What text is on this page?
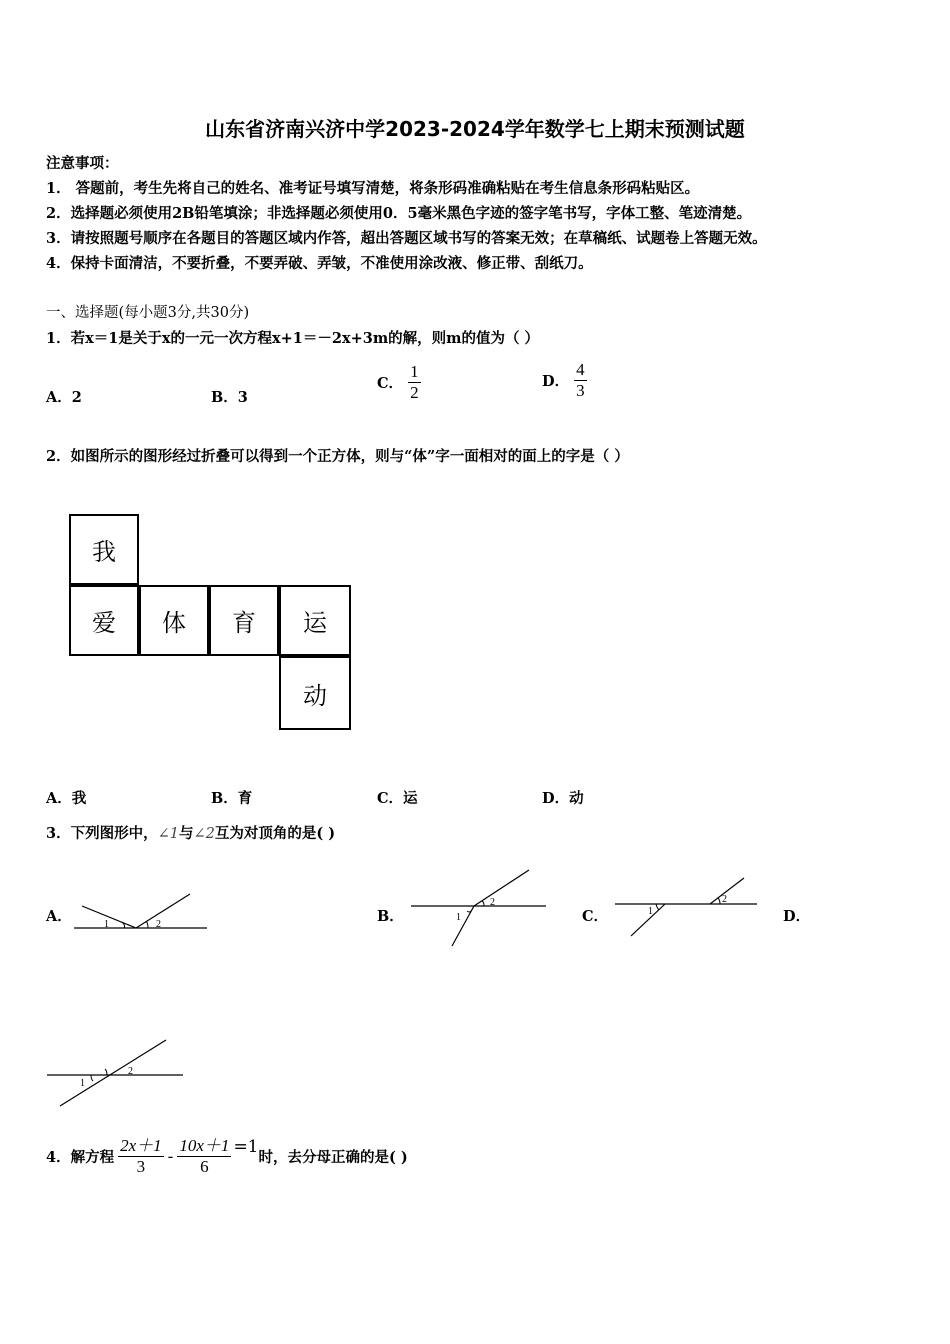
山东省济南兴济中学2023-2024学年数学七上期末预测试题
注意事项：
1． 答题前，考生先将自己的姓名、准考证号填写清楚，将条形码准确粘贴在考生信息条形码粘贴区。
2．选择题必须使用2B铅笔填涂；非选择题必须使用0．5毫米黑色字迹的签字笔书写，字体工整、笔迹清楚。
3．请按照题号顺序在各题目的答题区域内作答，超出答题区域书写的答案无效；在草稿纸、试题卷上答题无效。
4．保持卡面清洁，不要折叠，不要弄破、弄皱，不准使用涂改液、修正带、刮纸刀。
一、选择题(每小题3分,共30分)
1．若x＝1是关于x的一元一次方程x+1＝－2x+3m的解，则m的值为（ ）
A．2	B．3
C． $\frac{1}{2}$	D． $\frac{4}{3}$
2．如图所示的图形经过折叠可以得到一个正方体，则与“体”字一面相对的面上的字是（ ）
我
爱	体	育	运
动
A．我	B．育	C．运	D．动
3．下列图形中，∠1与∠2互为对顶角的是( )
A．	1	2	B．
2
1	C．	1
2
D．
2
1
4．解方程 $\frac{2x+1}{3} - \frac{10x+1}{6} =1$
时，去分母正确的是( )
